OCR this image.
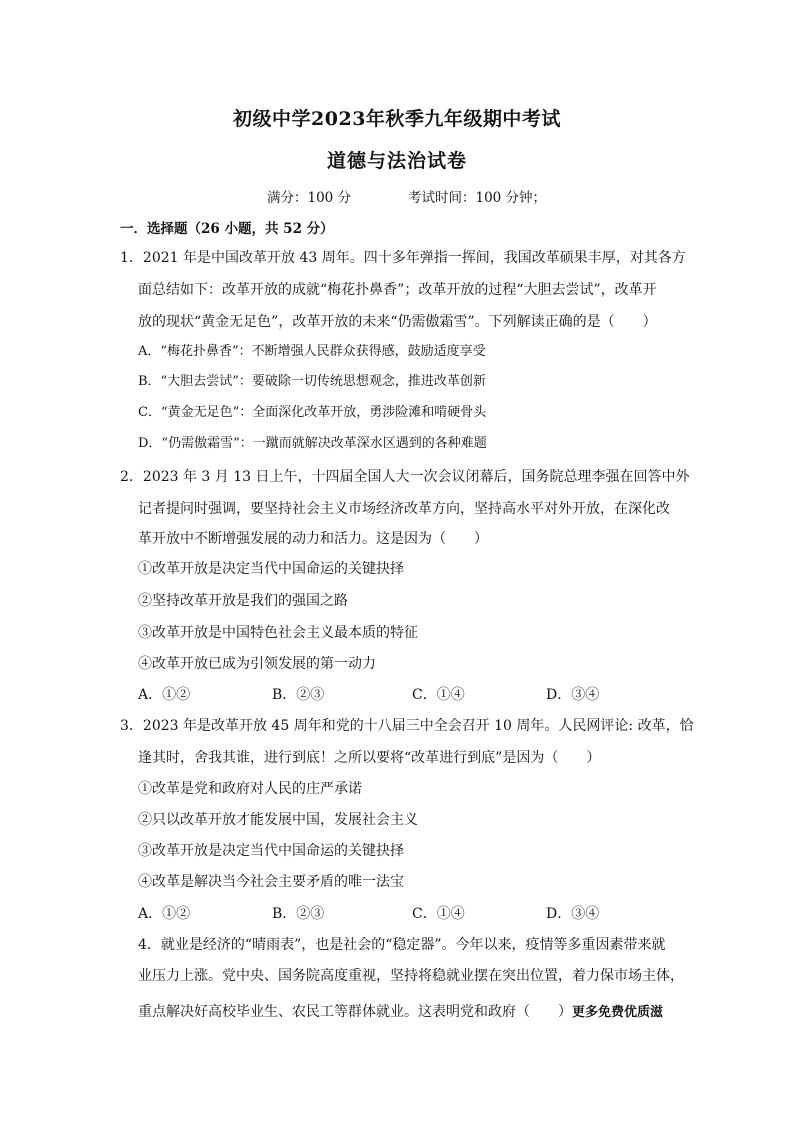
初级中学2023年秋季九年级期中考试
道德与法治试卷
满分：100 分	考试时间：100 分钟；
一．选择题（26 小题，共 52 分）
1．2021 年是中国改革开放 43 周年。四十多年弹指一挥间，我国改革硕果丰厚，对其各方
面总结如下：改革开放的成就“梅花扑鼻香”；改革开放的过程“大胆去尝试”，改革开
放的现状“黄金无足色”，改革开放的未来“仍需傲霜雪”。下列解读正确的是（　　）
A．“梅花扑鼻香”：不断增强人民群众获得感，鼓励适度享受
B．“大胆去尝试”：要破除一切传统思想观念，推进改革创新
C．“黄金无足色”：全面深化改革开放，勇涉险滩和啃硬骨头
D．“仍需傲霜雪”：一蹴而就解决改革深水区遇到的各种难题
2．2023 年 3 月 13 日上午，十四届全国人大一次会议闭幕后，国务院总理李强在回答中外
记者提问时强调，要坚持社会主义市场经济改革方向，坚持高水平对外开放，在深化改
革开放中不断增强发展的动力和活力。这是因为（　　）
①改革开放是决定当代中国命运的关键抉择
②坚持改革开放是我们的强国之路
③改革开放是中国特色社会主义最本质的特征
④改革开放已成为引领发展的第一动力
A．①②	B．②③	C．①④	D．③④
3．2023 年是改革开放 45 周年和党的十八届三中全会召开 10 周年。人民网评论: 改革，恰
逢其时，舍我其谁，进行到底！之所以要将“改革进行到底”是因为（　　）
①改革是党和政府对人民的庄严承诺
②只以改革开放才能发展中国，发展社会主义
③改革开放是决定当代中国命运的关键抉择
④改革是解决当今社会主要矛盾的唯一法宝
A．①②	B．②③	C．①④	D．③④
4．就业是经济的“晴雨表”，也是社会的“稳定器”。今年以来，疫情等多重因素带来就
业压力上涨。党中央、国务院高度重视，坚持将稳就业摆在突出位置，着力保市场主体，
重点解决好高校毕业生、农民工等群体就业。这表明党和政府（　　）更多免费优质滋
